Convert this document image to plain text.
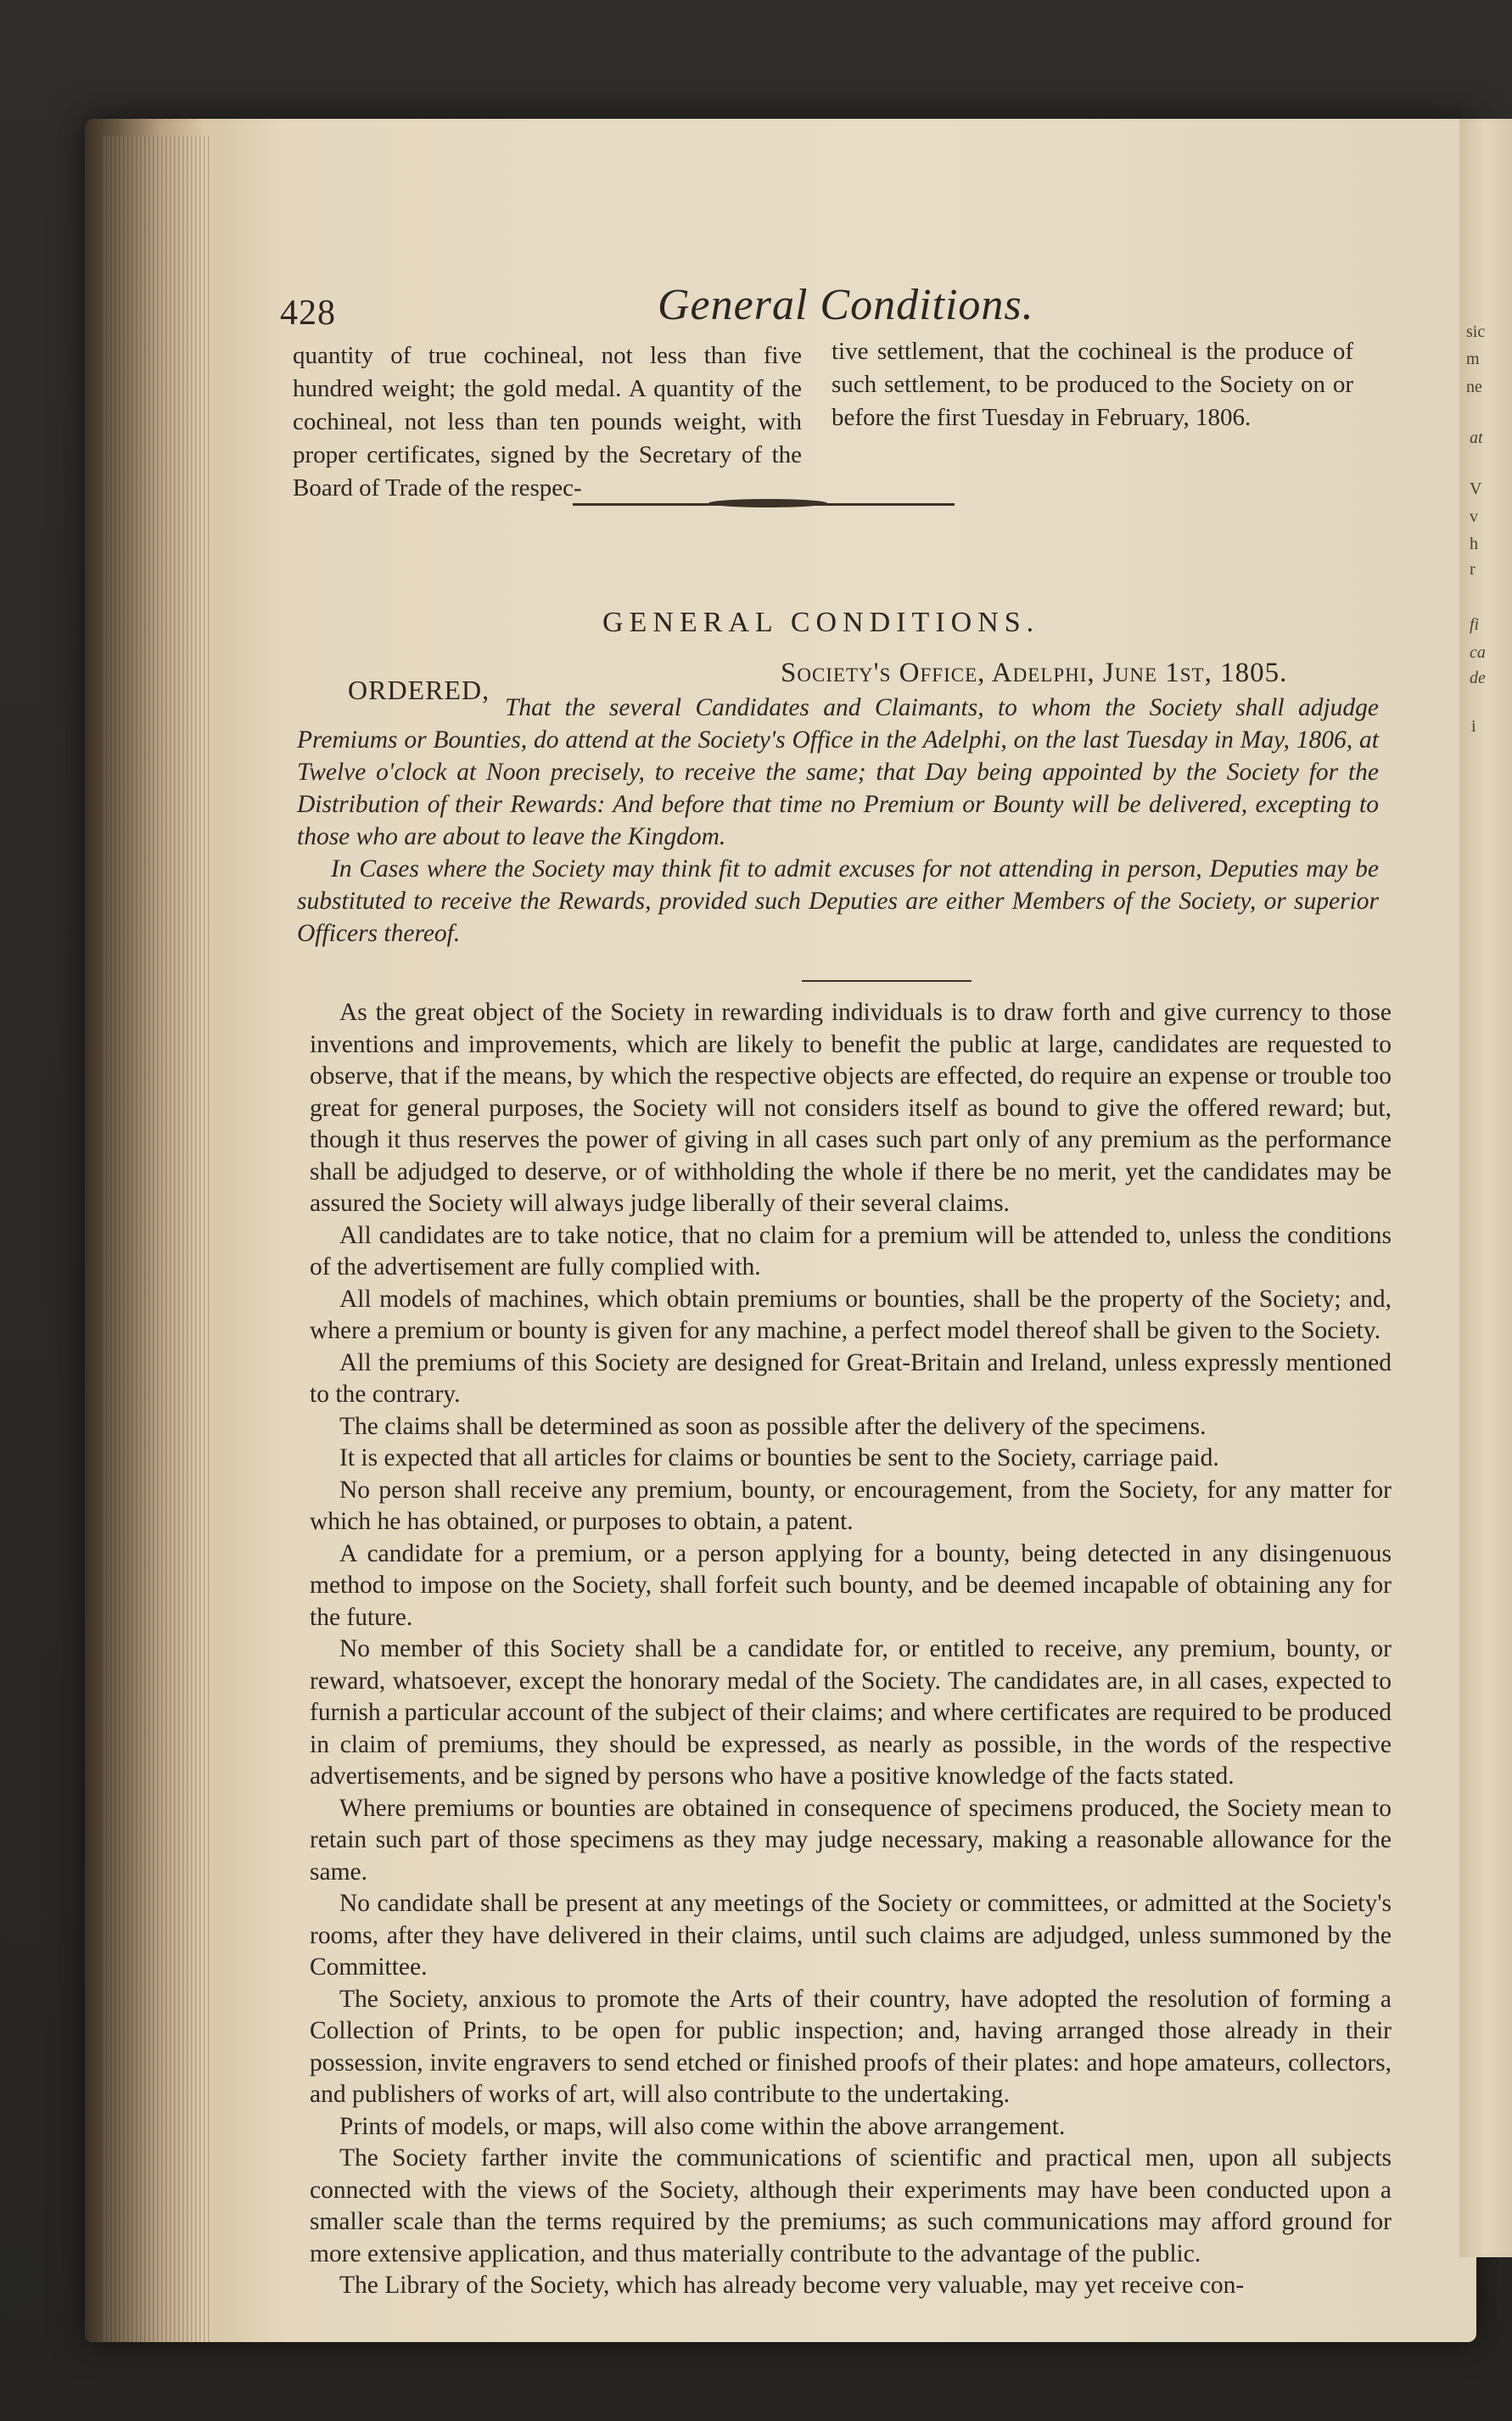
sic
m
ne
at
V
v
h
r
fi
ca
de
i
428	General Conditions.
quantity of true cochineal, not less than five hundred weight; the gold medal. A quantity of the cochineal, not less than ten pounds weight, with proper certificates, signed by the Secretary of the Board of Trade of the respec-
tive settlement, that the cochineal is the produce of such settlement, to be produced to the Society on or before the first Tuesday in February, 1806.
GENERAL CONDITIONS.
Society's Office, Adelphi, June 1st, 1805.
ORDERED,

That the several Candidates and Claimants, to whom the Society shall adjudge Premiums or Bounties, do attend at the Society's Office in the Adelphi, on the last Tuesday in May, 1806, at Twelve o'clock at Noon precisely, to receive the same; that Day being appointed by the Society for the Distribution of their Rewards: And before that time no Premium or Bounty will be delivered, excepting to those who are about to leave the Kingdom.

In Cases where the Society may think fit to admit excuses for not attending in person, Deputies may be substituted to receive the Rewards, provided such Deputies are either Members of the Society, or superior Officers thereof.

As the great object of the Society in rewarding individuals is to draw forth and give currency to those inventions and improvements, which are likely to benefit the public at large, candidates are requested to observe, that if the means, by which the respective objects are effected, do require an expense or trouble too great for general purposes, the Society will not considers itself as bound to give the offered reward; but, though it thus reserves the power of giving in all cases such part only of any premium as the performance shall be adjudged to deserve, or of withholding the whole if there be no merit, yet the candidates may be assured the Society will always judge liberally of their several claims.

All candidates are to take notice, that no claim for a premium will be attended to, unless the conditions of the advertisement are fully complied with.

All models of machines, which obtain premiums or bounties, shall be the property of the Society; and, where a premium or bounty is given for any machine, a perfect model thereof shall be given to the Society.

All the premiums of this Society are designed for Great-Britain and Ireland, unless expressly mentioned to the contrary.

The claims shall be determined as soon as possible after the delivery of the specimens.

It is expected that all articles for claims or bounties be sent to the Society, carriage paid.

No person shall receive any premium, bounty, or encouragement, from the Society, for any matter for which he has obtained, or purposes to obtain, a patent.

A candidate for a premium, or a person applying for a bounty, being detected in any disingenuous method to impose on the Society, shall forfeit such bounty, and be deemed incapable of obtaining any for the future.

No member of this Society shall be a candidate for, or entitled to receive, any premium, bounty, or reward, whatsoever, except the honorary medal of the Society. The candidates are, in all cases, expected to furnish a particular account of the subject of their claims; and where certificates are required to be produced in claim of premiums, they should be expressed, as nearly as possible, in the words of the respective advertisements, and be signed by persons who have a positive knowledge of the facts stated.

Where premiums or bounties are obtained in consequence of specimens produced, the Society mean to retain such part of those specimens as they may judge necessary, making a reasonable allowance for the same.

No candidate shall be present at any meetings of the Society or committees, or admitted at the Society's rooms, after they have delivered in their claims, until such claims are adjudged, unless summoned by the Committee.

The Society, anxious to promote the Arts of their country, have adopted the resolution of forming a Collection of Prints, to be open for public inspection; and, having arranged those already in their possession, invite engravers to send etched or finished proofs of their plates: and hope amateurs, collectors, and publishers of works of art, will also contribute to the undertaking.

Prints of models, or maps, will also come within the above arrangement.

The Society farther invite the communications of scientific and practical men, upon all subjects connected with the views of the Society, although their experiments may have been conducted upon a smaller scale than the terms required by the premiums; as such communications may afford ground for more extensive application, and thus materially contribute to the advantage of the public.

The Library of the Society, which has already become very valuable, may yet receive con-
